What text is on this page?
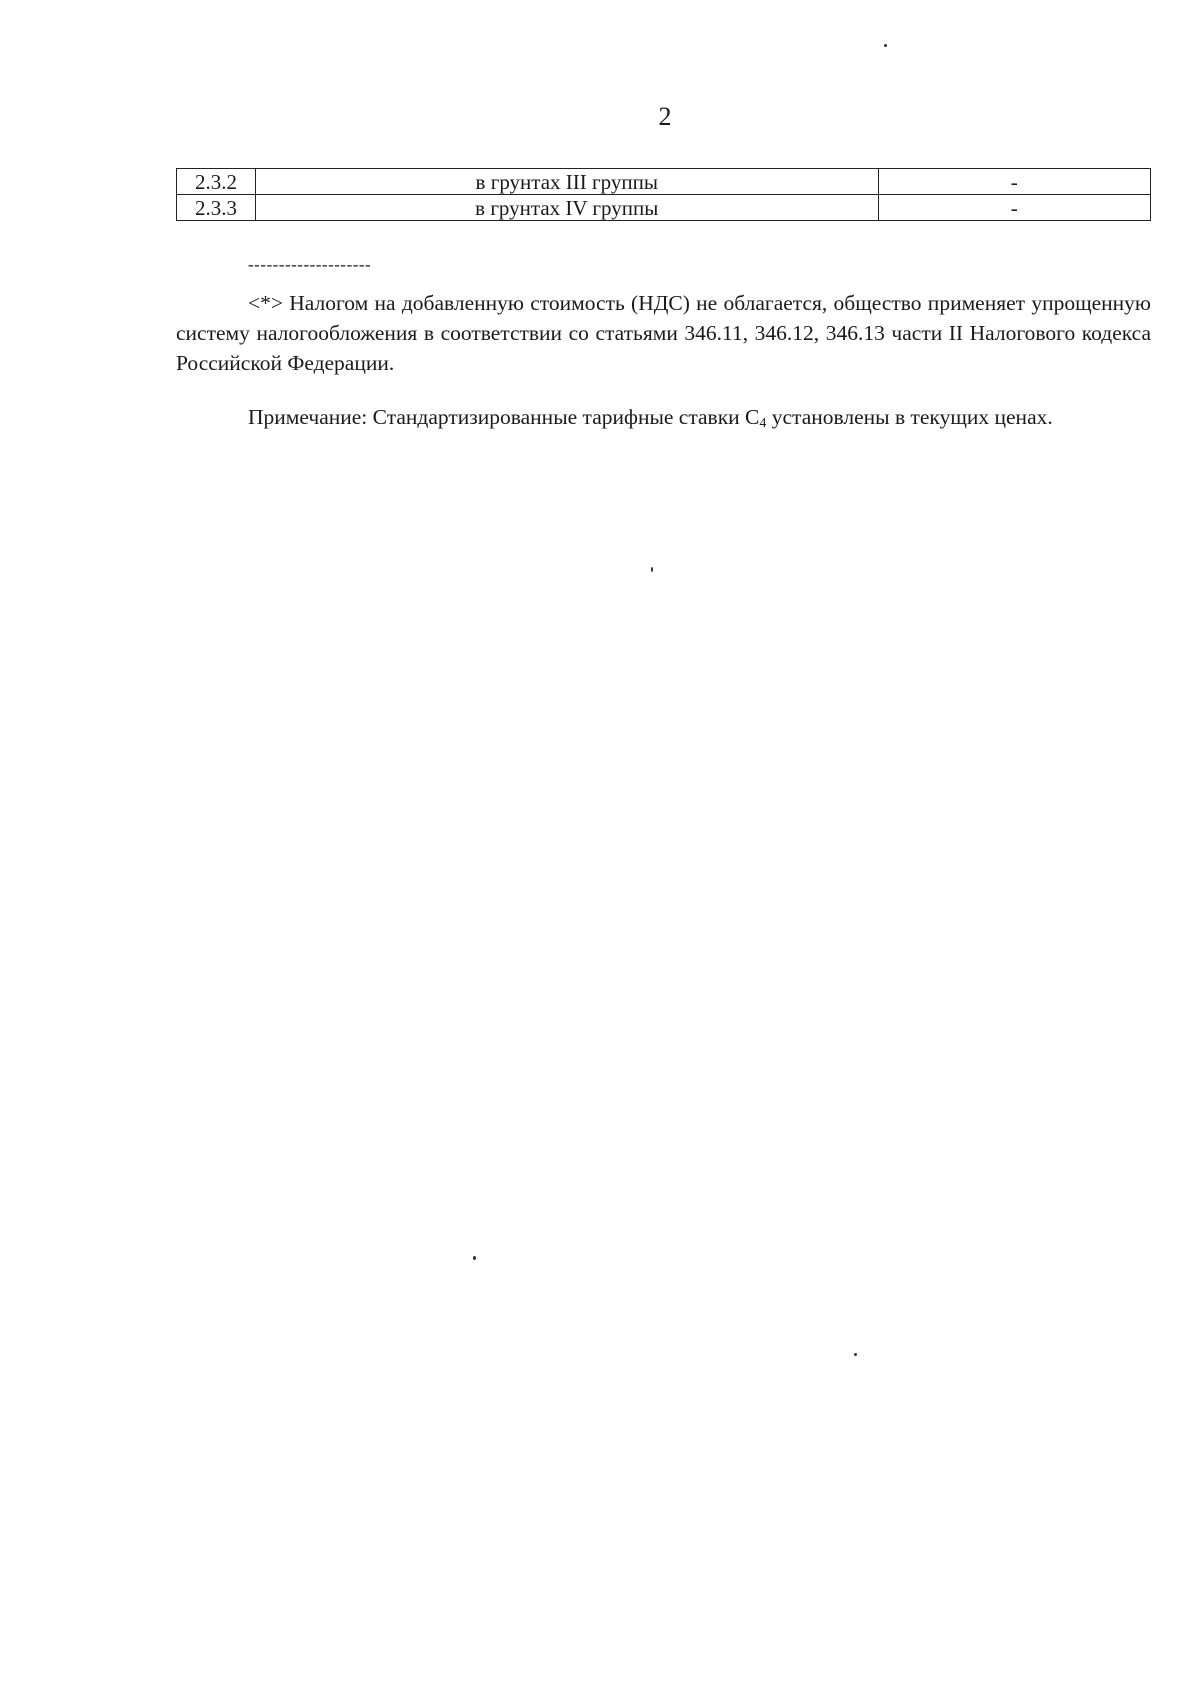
2
2.3.2	в грунтах III группы	-
2.3.3	в грунтах IV группы	-
--------------------

<*> Налогом на добавленную стоимость (НДС) не облагается, общество применяет упрощенную систему налогообложения в соответствии со статьями 346.11, 346.12, 346.13 части II Налогового кодекса Российской Федерации.

Примечание: Стандартизированные тарифные ставки $С_4$ установлены в текущих ценах.
